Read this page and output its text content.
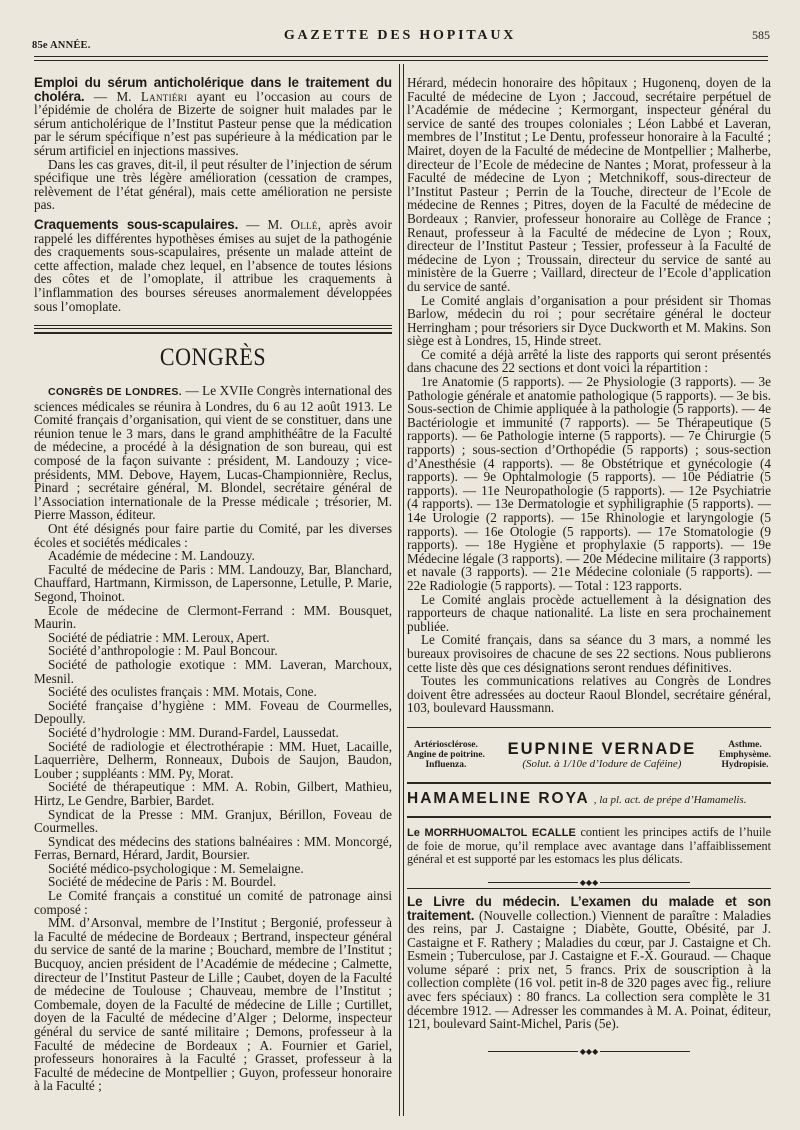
85e ANNÉE.
GAZETTE DES HOPITAUX	585

Emploi du sérum anticholérique dans le traitement du choléra. — M. Lantiéri ayant eu l’occasion au cours de l’épidémie de choléra de Bizerte de soigner huit malades par le sérum anticholérique de l’Institut Pasteur pense que la médication par le sérum spécifique n’est pas supérieure à la médication par le sérum artificiel en injections massives.

Dans les cas graves, dit-il, il peut résulter de l’injection de sérum spécifique une très légère amélioration (cessation de crampes, relèvement de l’état général), mais cette amélioration ne persiste pas.

Craquements sous-scapulaires. — M. Ollé, après avoir rappelé les différentes hypothèses émises au sujet de la pathogénie des craquements sous-scapulaires, présente un malade atteint de cette affection, malade chez lequel, en l’absence de toutes lésions des côtes et de l’omoplate, il attribue les craquements à l’inflammation des bourses séreuses anormalement développées sous l’omoplate.

CONGRÈS

CONGRÈS DE LONDRES. — Le XVIIe Congrès international des sciences médicales se réunira à Londres, du 6 au 12 août 1913. Le Comité français d’organisation, qui vient de se constituer, dans une réunion tenue le 3 mars, dans le grand amphithéâtre de la Faculté de médecine, a procédé à la désignation de son bureau, qui est composé de la façon suivante : président, M. Landouzy ; vice-présidents, MM. Debove, Hayem, Lucas-Championnière, Reclus, Pinard ; secrétaire général, M. Blondel, secrétaire général de l’Association internationale de la Presse médicale ; trésorier, M. Pierre Masson, éditeur.

Ont été désignés pour faire partie du Comité, par les diverses écoles et sociétés médicales :

Académie de médecine : M. Landouzy.

Faculté de médecine de Paris : MM. Landouzy, Bar, Blanchard, Chauffard, Hartmann, Kirmisson, de Lapersonne, Letulle, P. Marie, Segond, Thoinot.

Ecole de médecine de Clermont-Ferrand : MM. Bousquet, Maurin.

Société de pédiatrie : MM. Leroux, Apert.

Société d’anthropologie : M. Paul Boncour.

Société de pathologie exotique : MM. Laveran, Marchoux, Mesnil.

Société des oculistes français : MM. Motais, Cone.

Société française d’hygiène : MM. Foveau de Courmelles, Depoully.

Société d’hydrologie : MM. Durand-Fardel, Laussedat.

Société de radiologie et électrothérapie : MM. Huet, Lacaille, Laquerrière, Delherm, Ronneaux, Dubois de Saujon, Baudon, Louber ; suppléants : MM. Py, Morat.

Société de thérapeutique : MM. A. Robin, Gilbert, Mathieu, Hirtz, Le Gendre, Barbier, Bardet.

Syndicat de la Presse : MM. Granjux, Bérillon, Foveau de Courmelles.

Syndicat des médecins des stations balnéaires : MM. Moncorgé, Ferras, Bernard, Hérard, Jardit, Boursier.

Société médico-psychologique : M. Semelaigne.

Société de médecine de Paris : M. Bourdel.

Le Comité français a constitué un comité de patronage ainsi composé :

MM. d’Arsonval, membre de l’Institut ; Bergonié, professeur à la Faculté de médecine de Bordeaux ; Bertrand, inspecteur général du service de santé de la marine ; Bouchard, membre de l’Institut ; Bucquoy, ancien président de l’Académie de médecine ; Calmette, directeur de l’Institut Pasteur de Lille ; Caubet, doyen de la Faculté de médecine de Toulouse ; Chauveau, membre de l’Institut ; Combemale, doyen de la Faculté de médecine de Lille ; Curtillet, doyen de la Faculté de médecine d’Alger ; Delorme, inspecteur général du service de santé militaire ; Demons, professeur à la Faculté de médecine de Bordeaux ; A. Fournier et Gariel, professeurs honoraires à la Faculté ; Grasset, professeur à la Faculté de médecine de Montpellier ; Guyon, professeur honoraire à la Faculté ;

Hérard, médecin honoraire des hôpitaux ; Hugonenq, doyen de la Faculté de médecine de Lyon ; Jaccoud, secrétaire perpétuel de l’Académie de médecine ; Kermorgant, inspecteur général du service de santé des troupes coloniales ; Léon Labbé et Laveran, membres de l’Institut ; Le Dentu, professeur honoraire à la Faculté ; Mairet, doyen de la Faculté de médecine de Montpellier ; Malherbe, directeur de l’Ecole de médecine de Nantes ; Morat, professeur à la Faculté de médecine de Lyon ; Metchnikoff, sous-directeur de l’Institut Pasteur ; Perrin de la Touche, directeur de l’Ecole de médecine de Rennes ; Pitres, doyen de la Faculté de médecine de Bordeaux ; Ranvier, professeur honoraire au Collège de France ; Renaut, professeur à la Faculté de médecine de Lyon ; Roux, directeur de l’Institut Pasteur ; Tessier, professeur à la Faculté de médecine de Lyon ; Troussain, directeur du service de santé au ministère de la Guerre ; Vaillard, directeur de l’Ecole d’application du service de santé.

Le Comité anglais d’organisation a pour président sir Thomas Barlow, médecin du roi ; pour secrétaire général le docteur Herringham ; pour trésoriers sir Dyce Duckworth et M. Makins. Son siège est à Londres, 15, Hinde street.

Ce comité a déjà arrêté la liste des rapports qui seront présentés dans chacune des 22 sections et dont voici la répartition :

1re Anatomie (5 rapports). — 2e Physiologie (3 rapports). — 3e Pathologie générale et anatomie pathologique (5 rapports). — 3e bis. Sous-section de Chimie appliquée à la pathologie (5 rapports). — 4e Bactériologie et immunité (7 rapports). — 5e Thérapeutique (5 rapports). — 6e Pathologie interne (5 rapports). — 7e Chirurgie (5 rapports) ; sous-section d’Orthopédie (5 rapports) ; sous-section d’Anesthésie (4 rapports). — 8e Obstétrique et gynécologie (4 rapports). — 9e Ophtalmologie (5 rapports). — 10e Pédiatrie (5 rapports). — 11e Neuropathologie (5 rapports). — 12e Psychiatrie (4 rapports). — 13e Dermatologie et syphiligraphie (5 rapports). — 14e Urologie (2 rapports). — 15e Rhinologie et laryngologie (5 rapports). — 16e Otologie (5 rapports). — 17e Stomatologie (9 rapports). — 18e Hygiène et prophylaxie (5 rapports). — 19e Médecine légale (3 rapports). — 20e Médecine militaire (3 rapports) et navale (3 rapports). — 21e Médecine coloniale (5 rapports). — 22e Radiologie (5 rapports). — Total : 123 rapports.

Le Comité anglais procède actuellement à la désignation des rapporteurs de chaque nationalité. La liste en sera prochainement publiée.

Le Comité français, dans sa séance du 3 mars, a nommé les bureaux provisoires de chacune de ses 22 sections. Nous publierons cette liste dès que ces désignations seront rendues définitives.

Toutes les communications relatives au Congrès de Londres doivent être adressées au docteur Raoul Blondel, secrétaire général, 103, boulevard Haussmann.

Artériosclérose.
Angine de poitrine.
Influenza.
EUPNINE VERNADE
(Solut. à 1/10e d’Iodure de Caféine)
Asthme.
Emphysème.
Hydropisie.
HAMAMELINE ROYA , la pl. act. de prépe d’Hamamelis.

Le MORRHUOMALTOL ECALLE contient les principes actifs de l’huile de foie de morue, qu’il remplace avec avantage dans l’affaiblissement général et est supporté par les estomacs les plus délicats.

◆◆◆

Le Livre du médecin. L’examen du malade et son traitement. (Nouvelle collection.) Viennent de paraître : Maladies des reins, par J. Castaigne ; Diabète, Goutte, Obésité, par J. Castaigne et F. Rathery ; Maladies du cœur, par J. Castaigne et Ch. Esmein ; Tuberculose, par J. Castaigne et F.-X. Gouraud. — Chaque volume séparé : prix net, 5 francs. Prix de souscription à la collection complète (16 vol. petit in-8 de 320 pages avec fig., reliure avec fers spéciaux) : 80 francs. La collection sera complète le 31 décembre 1912. — Adresser les commandes à M. A. Poinat, éditeur, 121, boulevard Saint-Michel, Paris (5e).

◆◆◆
